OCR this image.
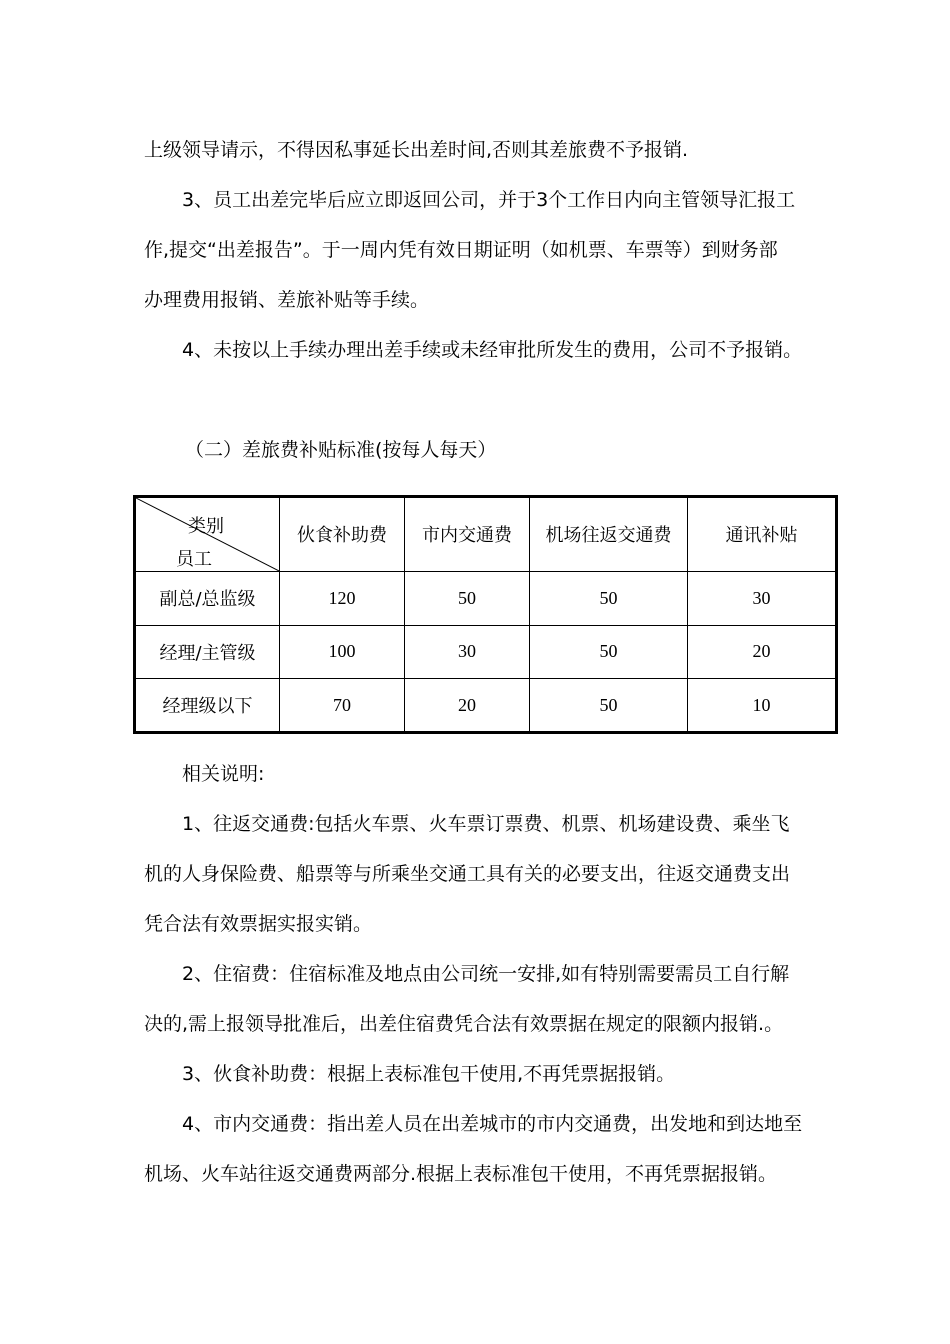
上级领导请示，不得因私事延长出差时间,否则其差旅费不予报销.
3、员工出差完毕后应立即返回公司，并于3个工作日内向主管领导汇报工
作,提交“出差报告”。于一周内凭有效日期证明（如机票、车票等）到财务部
办理费用报销、差旅补贴等手续。
4、未按以上手续办理出差手续或未经审批所发生的费用，公司不予报销。
（二）差旅费补贴标准(按每人每天）
类别
员工	伙食补助费	市内交通费	机场往返交通费	通讯补贴
副总/总监级	120	50	50	30
经理/主管级	100	30	50	20
经理级以下	70	20	50	10
相关说明:
1、往返交通费:包括火车票、火车票订票费、机票、机场建设费、乘坐飞
机的人身保险费、船票等与所乘坐交通工具有关的必要支出，往返交通费支出
凭合法有效票据实报实销。
2、住宿费：住宿标准及地点由公司统一安排,如有特别需要需员工自行解
决的,需上报领导批准后，出差住宿费凭合法有效票据在规定的限额内报销.。
3、伙食补助费：根据上表标准包干使用,不再凭票据报销。
4、市内交通费：指出差人员在出差城市的市内交通费，出发地和到达地至
机场、火车站往返交通费两部分.根据上表标准包干使用，不再凭票据报销。
